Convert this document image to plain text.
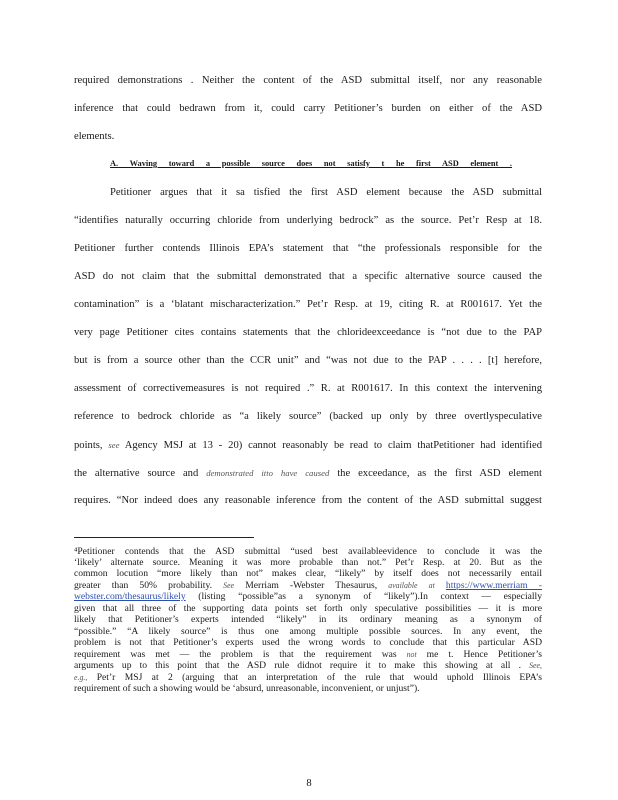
required demonstrations . Neither the content of the ASD submittal itself, nor any reasonable
inference that could bedrawn from it, could carry Petitioner’s burden on either of the ASD
elements.
A. Waving toward a possible source does not satisfy t he first ASD element .
Petitioner argues that it sa tisfied the first ASD element because the ASD submittal
“identifies naturally occurring chloride from underlying bedrock” as the source. Pet’r Resp at 18.
Petitioner further contends Illinois EPA’s statement that “the professionals responsible for the
ASD do not claim that the submittal demonstrated that a specific alternative source caused the
contamination” is a ‘blatant mischaracterization.” Pet’r Resp. at 19, citing R. at R001617. Yet the
very page Petitioner cites contains statements that the chlorideexceedance is “not due to the PAP
but is from a source other than the CCR unit” and “was not due to the PAP . . . . [t] herefore,
assessment of correctivemeasures is not required .” R. at R001617. In this context the intervening
reference to bedrock chloride as “a likely source” (backed up only by three overtlyspeculative
points, see Agency MSJ at 13 - 20) cannot reasonably be read to claim thatPetitioner had identified
the alternative source and demonstrated itto have caused the exceedance, as the first ASD element
requires. “Nor indeed does any reasonable inference from the content of the ASD submittal suggest
⁴Petitioner contends that the ASD submittal “used best availableevidence to conclude it was the
‘likely’ alternate source. Meaning it was more probable than not.” Pet’r Resp. at 20. But as the
common locution “more likely than not” makes clear, “likely” by itself does not necessarily entail
greater than 50% probability. See Merriam -Webster Thesaurus, available at https://www.merriam -
webster.com/thesaurus/likely (listing “possible”as a synonym of “likely”).In context — especially
given that all three of the supporting data points set forth only speculative possibilities — it is more
likely that Petitioner’s experts intended “likely” in its ordinary meaning as a synonym of
“possible.” “A likely source” is thus one among multiple possible sources. In any event, the
problem is not that Petitioner’s experts used the wrong words to conclude that this particular ASD
requirement was met — the problem is that the requirement was not me t. Hence Petitioner’s
arguments up to this point that the ASD rule didnot require it to make this showing at all . See,
e.g., Pet’r MSJ at 2 (arguing that an interpretation of the rule that would uphold Illinois EPA’s
requirement of such a showing would be ‘absurd, unreasonable, inconvenient, or unjust”).
8
